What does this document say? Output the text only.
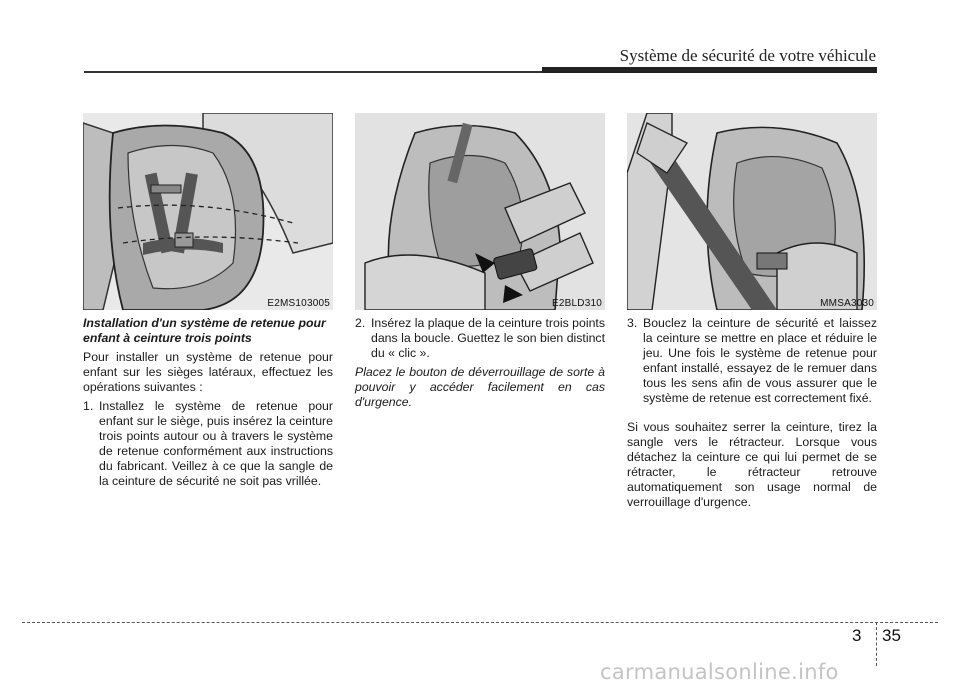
Système de sécurité de votre véhicule
E2MS103005	E2BLD310	MMSA3030

Installation d'un système de retenue pour enfant à ceinture trois points

Pour installer un système de retenue pour enfant sur les sièges latéraux, effectuez les opérations suivantes :

1. Installez le système de retenue pour enfant sur le siège, puis insérez la ceinture trois points autour ou à travers le système de retenue conformément aux instructions du fabricant. Veillez à ce que la sangle de la ceinture de sécurité ne soit pas vrillée.
2. Insérez la plaque de la ceinture trois points dans la boucle. Guettez le son bien distinct du « clic ».

Placez le bouton de déverrouillage de sorte à pouvoir y accéder facilement en cas d'urgence.

3. Bouclez la ceinture de sécurité et laissez la ceinture se mettre en place et réduire le jeu. Une fois le système de retenue pour enfant installé, essayez de le remuer dans tous les sens afin de vous assurer que le système de retenue est correctement fixé.

Si vous souhaitez serrer la ceinture, tirez la sangle vers le rétracteur. Lorsque vous détachez la ceinture ce qui lui permet de se rétracter, le rétracteur retrouve automatiquement son usage normal de verrouillage d'urgence.

3 35
carmanualsonline.info
